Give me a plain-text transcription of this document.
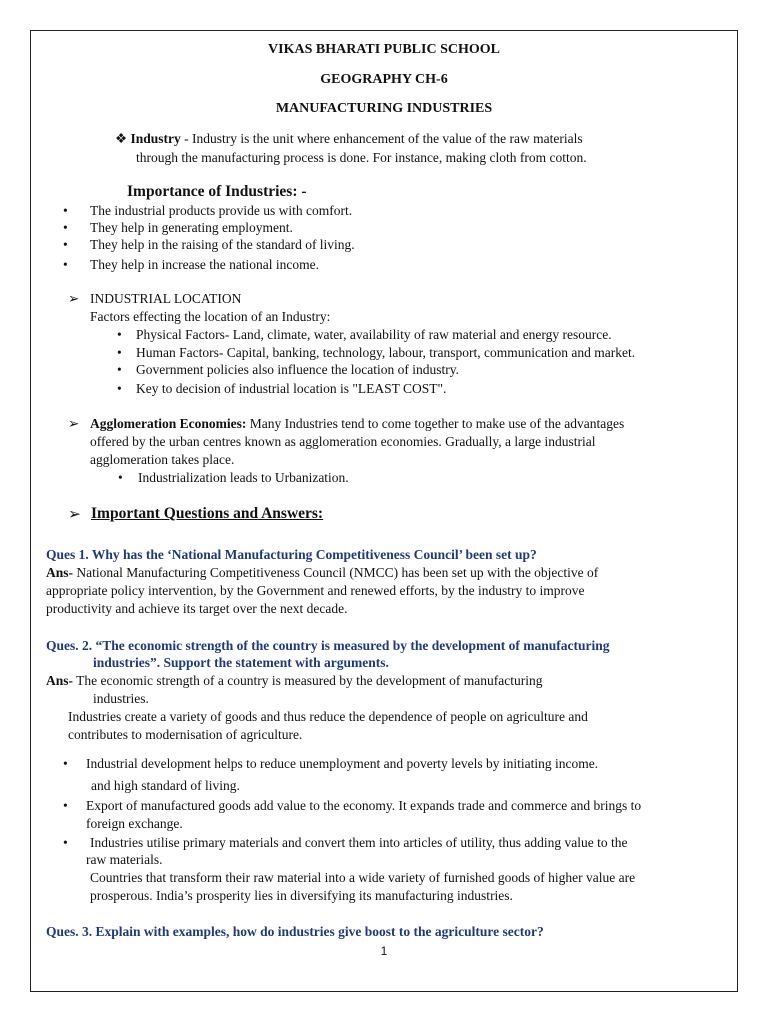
VIKAS BHARATI PUBLIC SCHOOL
GEOGRAPHY CH-6
MANUFACTURING INDUSTRIES
❖ Industry - Industry is the unit where enhancement of the value of the raw materials
through the manufacturing process is done. For instance, making cloth from cotton.
Importance of Industries: -
• The industrial products provide us with comfort.
• They help in generating employment.
• They help in the raising of the standard of living.
• They help in increase the national income.
➢ INDUSTRIAL LOCATION
Factors effecting the location of an Industry:
• Physical Factors- Land, climate, water, availability of raw material and energy resource.
• Human Factors- Capital, banking, technology, labour, transport, communication and market.
• Government policies also influence the location of industry.
• Key to decision of industrial location is "LEAST COST".
➢ Agglomeration Economies: Many Industries tend to come together to make use of the advantages
offered by the urban centres known as agglomeration economies. Gradually, a large industrial
agglomeration takes place.
• Industrialization leads to Urbanization.
➢ Important Questions and Answers:
Ques 1. Why has the ‘National Manufacturing Competitiveness Council’ been set up?
Ans- National Manufacturing Competitiveness Council (NMCC) has been set up with the objective of
appropriate policy intervention, by the Government and renewed efforts, by the industry to improve
productivity and achieve its target over the next decade.
Ques. 2. “The economic strength of the country is measured by the development of manufacturing
industries”. Support the statement with arguments.
Ans- The economic strength of a country is measured by the development of manufacturing
industries.
Industries create a variety of goods and thus reduce the dependence of people on agriculture and
contributes to modernisation of agriculture.
• Industrial development helps to reduce unemployment and poverty levels by initiating income.
and high standard of living.
• Export of manufactured goods add value to the economy. It expands trade and commerce and brings to
foreign exchange.
• Industries utilise primary materials and convert them into articles of utility, thus adding value to the
raw materials.
Countries that transform their raw material into a wide variety of furnished goods of higher value are
prosperous. India’s prosperity lies in diversifying its manufacturing industries.
Ques. 3. Explain with examples, how do industries give boost to the agriculture sector?
1
